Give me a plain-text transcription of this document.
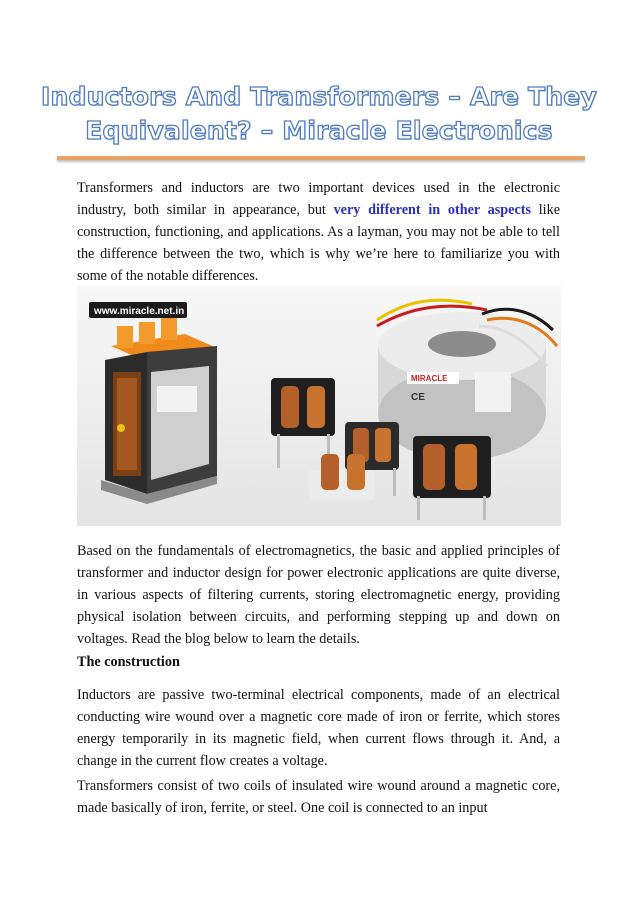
Inductors And Transformers – Are They
Equivalent? – Miracle Electronics

Transformers and inductors are two important devices used in the electronic industry, both similar in appearance, but very different in other aspects like construction, functioning, and applications. As a layman, you may not be able to tell the difference between the two, which is why we’re here to familiarize you with some of the notable differences.

www.miracle.net.in
MIRACLE
CE

Based on the fundamentals of electromagnetics, the basic and applied principles of transformer and inductor design for power electronic applications are quite diverse, in various aspects of filtering currents, storing electromagnetic energy, providing physical isolation between circuits, and performing stepping up and down on voltages. Read the blog below to learn the details.

The construction

Inductors are passive two-terminal electrical components, made of an electrical conducting wire wound over a magnetic core made of iron or ferrite, which stores energy temporarily in its magnetic field, when current flows through it. And, a change in the current flow creates a voltage.

Transformers consist of two coils of insulated wire wound around a magnetic core, made basically of iron, ferrite, or steel. One coil is connected to an input
